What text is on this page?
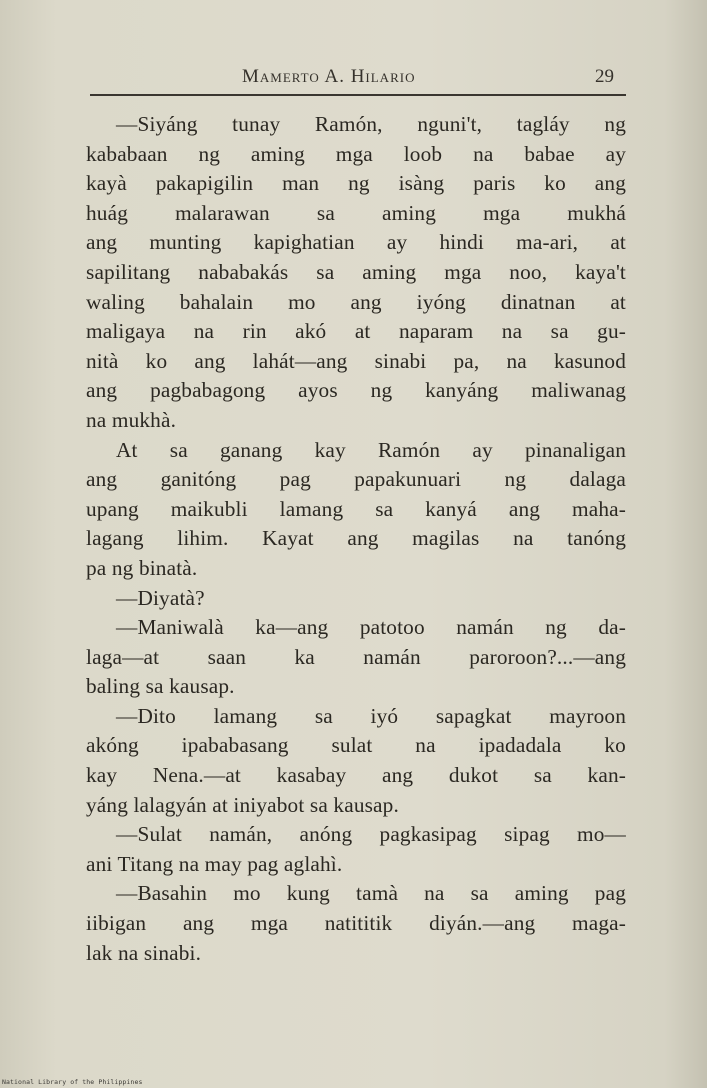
Mamerto A. Hilario	29
—Siyáng tunay Ramón, nguni't, tagláy ng
kababaan ng aming mga loob na babae ay
kayà pakapigilin man ng isàng paris ko ang
huág malarawan sa aming mga mukhá
ang munting kapighatian ay hindi ma-ari, at
sapilitang nababakás sa aming mga noo, kaya't
waling bahalain mo ang iyóng dinatnan at
maligaya na rin akó at naparam na sa gu-
nità ko ang lahát—ang sinabi pa, na kasunod
ang pagbabagong ayos ng kanyáng maliwanag
na mukhà.
At sa ganang kay Ramón ay pinanaligan
ang ganitóng pag papakunuari ng dalaga
upang maikubli lamang sa kanyá ang maha-
lagang lihim. Kayat ang magilas na tanóng
pa ng binatà.
—Diyatà?
—Maniwalà ka—ang patotoo namán ng da-
laga—at saan ka namán paroroon?...—ang
baling sa kausap.
—Dito lamang sa iyó sapagkat mayroon
akóng ipababasang sulat na ipadadala ko
kay Nena.—at kasabay ang dukot sa kan-
yáng lalagyán at iniyabot sa kausap.
—Sulat namán, anóng pagkasipag sipag mo—
ani Titang na may pag aglahì.
—Basahin mo kung tamà na sa aming pag
iibigan ang mga natititik diyán.—ang maga-
lak na sinabi.
National Library of the Philippines
